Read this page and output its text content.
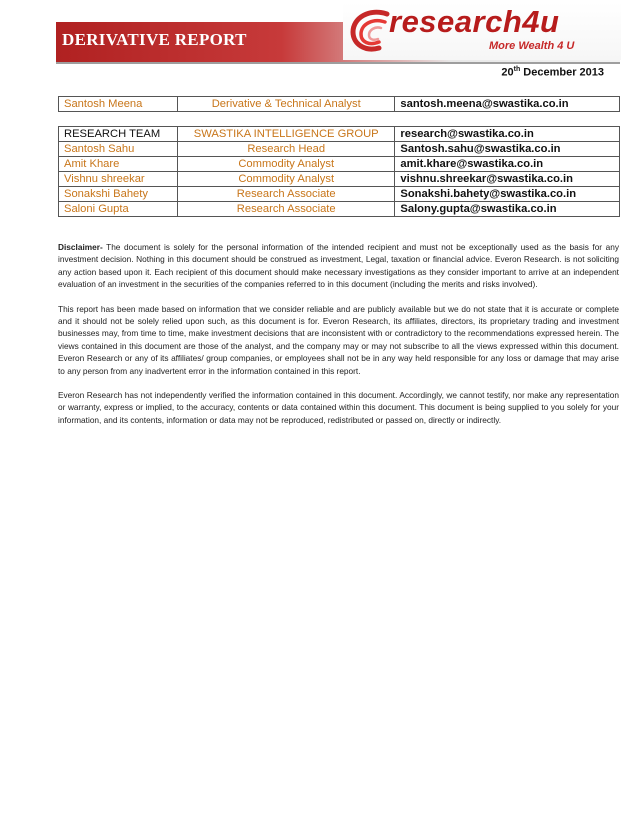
DERIVATIVE REPORT
research4u
More Wealth 4 U
20th December 2013
Santosh Meena	Derivative & Technical Analyst	santosh.meena@swastika.co.in
RESEARCH TEAM	SWASTIKA INTELLIGENCE GROUP	research@swastika.co.in
Santosh Sahu	Research Head	Santosh.sahu@swastika.co.in
Amit Khare	Commodity Analyst	amit.khare@swastika.co.in
Vishnu shreekar	Commodity Analyst	vishnu.shreekar@swastika.co.in
Sonakshi Bahety	Research Associate	Sonakshi.bahety@swastika.co.in
Saloni Gupta	Research Associate	Salony.gupta@swastika.co.in

Disclaimer- The document is solely for the personal information of the intended recipient and must not be exceptionally used as the basis for any investment decision. Nothing in this document should be construed as investment, Legal, taxation or financial advice. Everon Research. is not soliciting any action based upon it. Each recipient of this document should make necessary investigations as they consider important to arrive at an independent evaluation of an investment in the securities of the companies referred to in this document (including the merits and risks involved).

This report has been made based on information that we consider reliable and are publicly available but we do not state that it is accurate or complete and it should not be solely relied upon such, as this document is for. Everon Research, its affiliates, directors, its proprietary trading and investment businesses may, from time to time, make investment decisions that are inconsistent with or contradictory to the recommendations expressed herein. The views contained in this document are those of the analyst, and the company may or may not subscribe to all the views expressed within this document. Everon Research or any of its affiliates/ group companies, or employees shall not be in any way held responsible for any loss or damage that may arise to any person from any inadvertent error in the information contained in this report.

Everon Research has not independently verified the information contained in this document. Accordingly, we cannot testify, nor make any representation or warranty, express or implied, to the accuracy, contents or data contained within this document. This document is being supplied to you solely for your information, and its contents, information or data may not be reproduced, redistributed or passed on, directly or indirectly.
